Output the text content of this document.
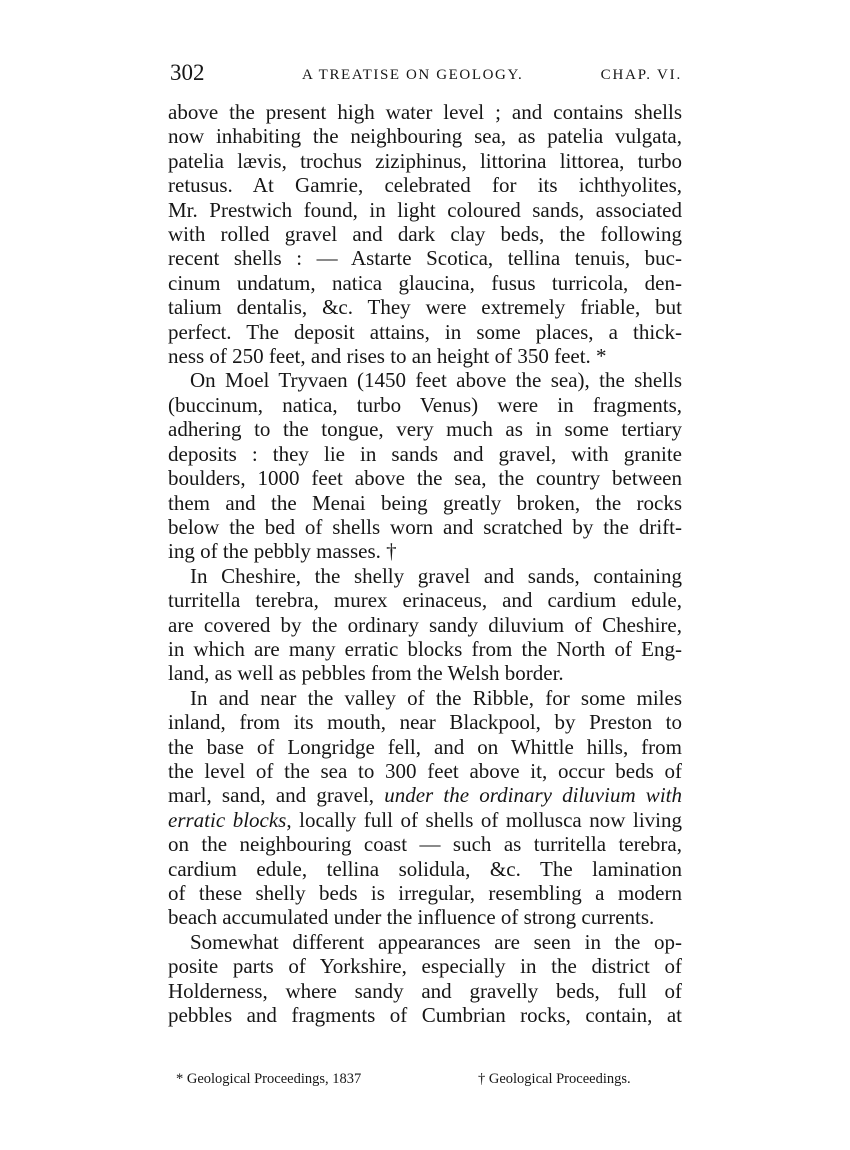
302	A TREATISE ON GEOLOGY.	CHAP. VI.
above the present high water level ; and contains shells
now inhabiting the neighbouring sea, as patelia vulgata,
patelia lævis, trochus ziziphinus, littorina littorea, turbo
retusus. At Gamrie, celebrated for its ichthyolites,
Mr. Prestwich found, in light coloured sands, associated
with rolled gravel and dark clay beds, the following
recent shells : — Astarte Scotica, tellina tenuis, buc-
cinum undatum, natica glaucina, fusus turricola, den-
talium dentalis, &c. They were extremely friable, but
perfect. The deposit attains, in some places, a thick-
ness of 250 feet, and rises to an height of 350 feet. *
On Moel Tryvaen (1450 feet above the sea), the shells
(buccinum, natica, turbo Venus) were in fragments,
adhering to the tongue, very much as in some tertiary
deposits : they lie in sands and gravel, with granite
boulders, 1000 feet above the sea, the country between
them and the Menai being greatly broken, the rocks
below the bed of shells worn and scratched by the drift-
ing of the pebbly masses. †
In Cheshire, the shelly gravel and sands, containing
turritella terebra, murex erinaceus, and cardium edule,
are covered by the ordinary sandy diluvium of Cheshire,
in which are many erratic blocks from the North of Eng-
land, as well as pebbles from the Welsh border.
In and near the valley of the Ribble, for some miles
inland, from its mouth, near Blackpool, by Preston to
the base of Longridge fell, and on Whittle hills, from
the level of the sea to 300 feet above it, occur beds of
marl, sand, and gravel, under the ordinary diluvium with
erratic blocks, locally full of shells of mollusca now living
on the neighbouring coast — such as turritella terebra,
cardium edule, tellina solidula, &c. The lamination
of these shelly beds is irregular, resembling a modern
beach accumulated under the influence of strong currents.
Somewhat different appearances are seen in the op-
posite parts of Yorkshire, especially in the district of
Holderness, where sandy and gravelly beds, full of
pebbles and fragments of Cumbrian rocks, contain, at
* Geological Proceedings, 1837	† Geological Proceedings.
